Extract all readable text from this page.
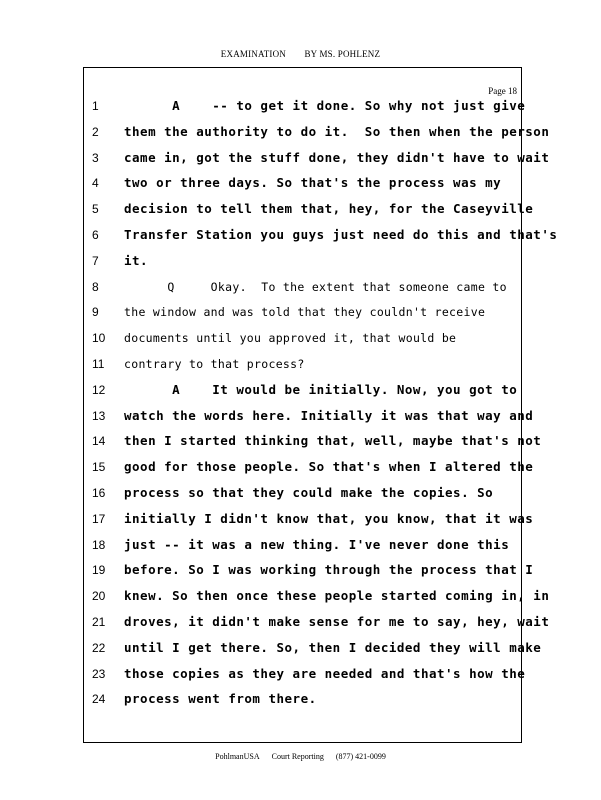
EXAMINATION BY MS. POHLENZ
Page 18
1
2
3
4
5
6
7
8
9
10
11
12
13
14
15
16
17
18
19
20
21
22
23
24
A    -- to get it done. So why not just give
them the authority to do it.  So then when the person
came in, got the stuff done, they didn't have to wait
two or three days. So that's the process was my
decision to tell them that, hey, for the Caseyville
Transfer Station you guys just need do this and that's
it.
Q     Okay.  To the extent that someone came to
the window and was told that they couldn't receive
documents until you approved it, that would be
contrary to that process?
A    It would be initially. Now, you got to
watch the words here. Initially it was that way and
then I started thinking that, well, maybe that's not
good for those people. So that's when I altered the
process so that they could make the copies. So
initially I didn't know that, you know, that it was
just -- it was a new thing. I've never done this
before. So I was working through the process that I
knew. So then once these people started coming in, in
droves, it didn't make sense for me to say, hey, wait
until I get there. So, then I decided they will make
those copies as they are needed and that's how the
process went from there.
PohlmanUSA Court Reporting (877) 421-0099
